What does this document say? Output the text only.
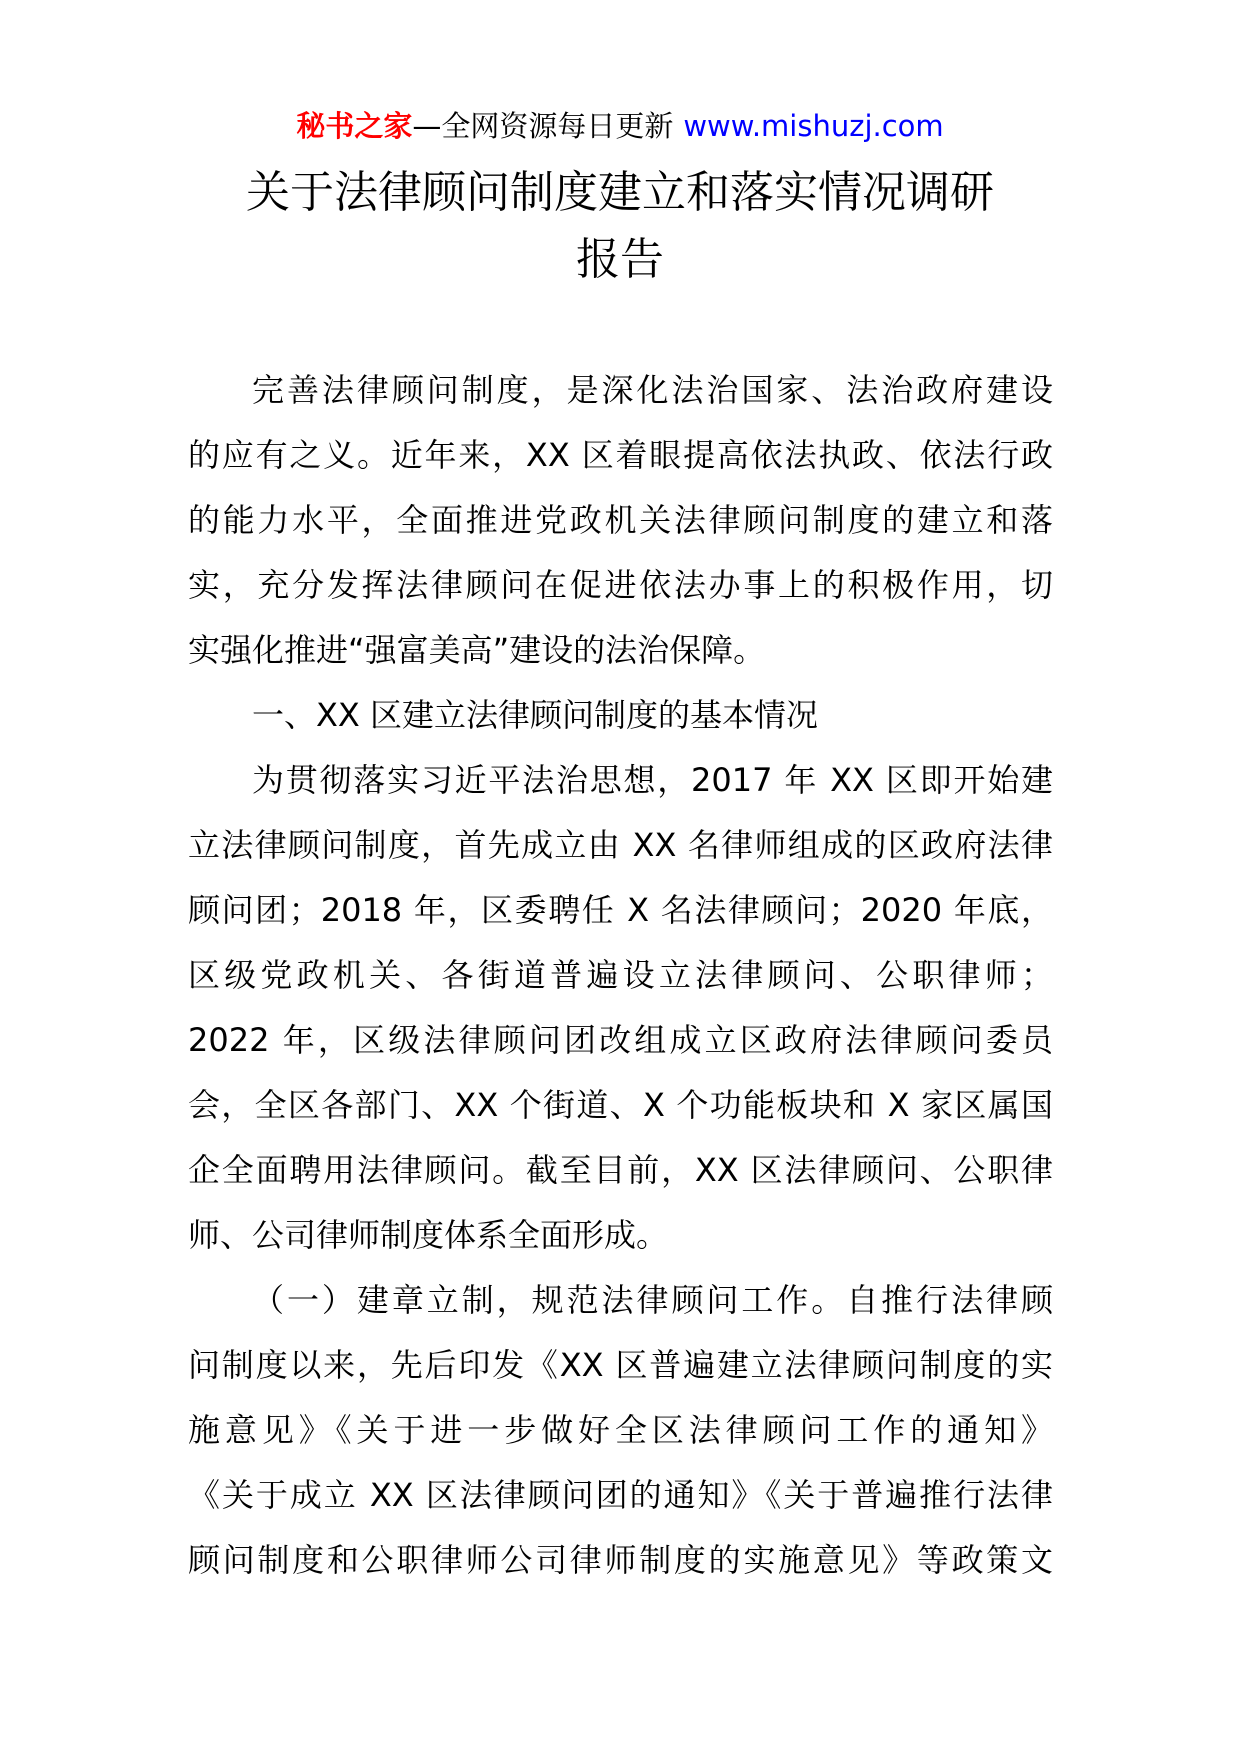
秘书之家—全网资源每日更新 www.mishuzj.com
关于法律顾问制度建立和落实情况调研
报告
完善法律顾问制度，是深化法治国家、法治政府建设
的应有之义。近年来，XX 区着眼提高依法执政、依法行政
的能力水平，全面推进党政机关法律顾问制度的建立和落
实，充分发挥法律顾问在促进依法办事上的积极作用，切
实强化推进“强富美高”建设的法治保障。
一、XX 区建立法律顾问制度的基本情况
为贯彻落实习近平法治思想，2017 年 XX 区即开始建
立法律顾问制度，首先成立由 XX 名律师组成的区政府法律
顾问团；2018 年，区委聘任 X 名法律顾问；2020 年底，
区级党政机关、各街道普遍设立法律顾问、公职律师；
2022 年，区级法律顾问团改组成立区政府法律顾问委员
会，全区各部门、XX 个街道、X 个功能板块和 X 家区属国
企全面聘用法律顾问。截至目前，XX 区法律顾问、公职律
师、公司律师制度体系全面形成。
（一）建章立制，规范法律顾问工作。自推行法律顾
问制度以来，先后印发《XX 区普遍建立法律顾问制度的实
施意见》《关于进一步做好全区法律顾问工作的通知》
《关于成立 XX 区法律顾问团的通知》《关于普遍推行法律
顾问制度和公职律师公司律师制度的实施意见》等政策文
